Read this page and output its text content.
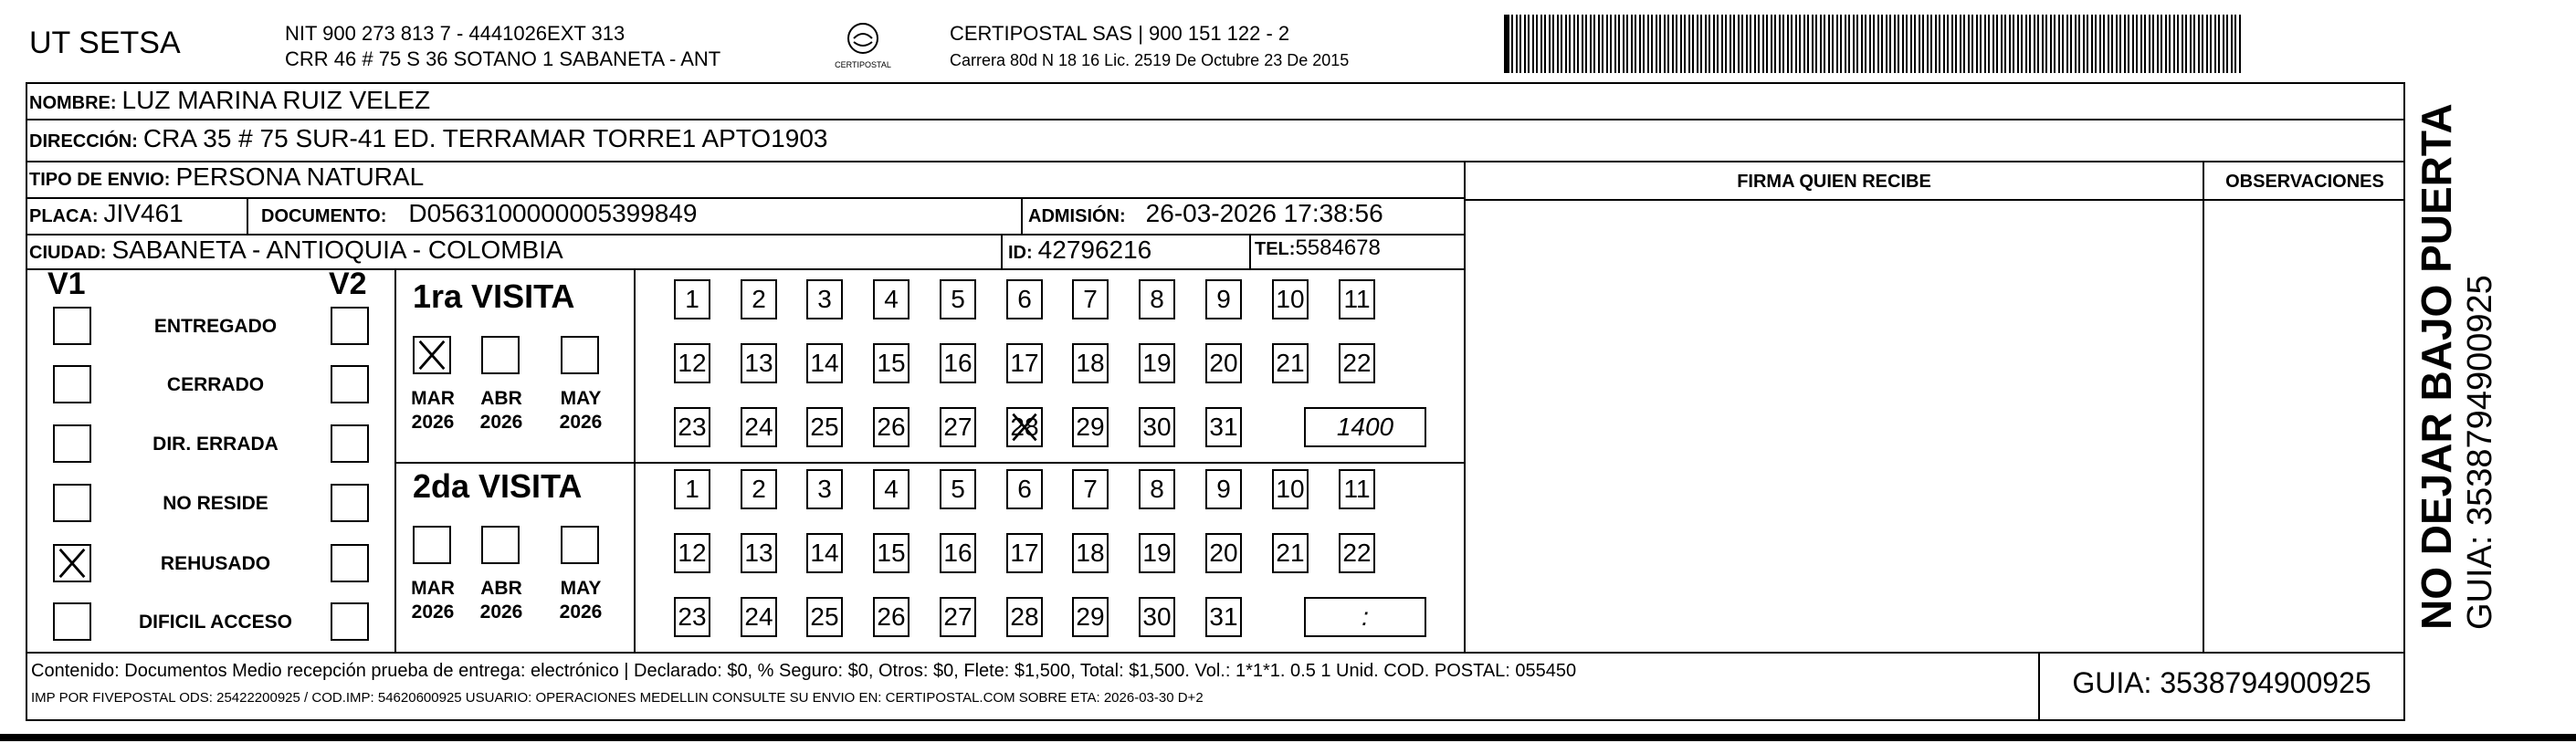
UT SETSA	NIT 900 273 813 7 - 4441026EXT 313
CRR 46 # 75 S 36 SOTANO 1 SABANETA - ANT	CERTIPOSTAL
CERTIPOSTAL SAS | 900 151 122 - 2
Carrera 80d N 18 16 Lic. 2519 De Octubre 23 De 2015
NOMBRE: LUZ MARINA RUIZ VELEZ
DIRECCIÓN: CRA 35 # 75 SUR-41 ED. TERRAMAR TORRE1 APTO1903
TIPO DE ENVIO: PERSONA NATURAL
PLACA: JIV461	DOCUMENTO: D0563100000005399849	ADMISIÓN: 26-03-2026 17:38:56
CIUDAD: SABANETA - ANTIOQUIA - COLOMBIA	ID: 42796216	TEL: 5584678
FIRMA QUIEN RECIBE	OBSERVACIONES
V1	V2
ENTREGADO
CERRADO
DIR. ERRADA
NO RESIDE
REHUSADO
DIFICIL ACCESO
1ra VISITA
2da VISITA
MAR
2026
ABR
2026
MAY
2026
1 2 3 4 5 6 7 8 9 10 11
12 13 14 15 16 17 18 19 20 21 22
23 24 25 26 27 28 29 30 31	1400
MAR
2026
ABR
2026
MAY
2026
1 2 3 4 5 6 7 8 9 10 11
12 13 14 15 16 17 18 19 20 21 22
23 24 25 26 27 28 29 30 31	:
Contenido: Documentos Medio recepción prueba de entrega: electrónico | Declarado: $0, % Seguro: $0, Otros: $0, Flete: $1,500, Total: $1,500. Vol.: 1*1*1. 0.5 1 Unid. COD. POSTAL: 055450
IMP POR FIVEPOSTAL ODS: 25422200925 / COD.IMP: 54620600925 USUARIO: OPERACIONES MEDELLIN CONSULTE SU ENVIO EN: CERTIPOSTAL.COM SOBRE ETA: 2026-03-30 D+2	GUIA: 3538794900925
NO DEJAR BAJO PUERTA GUIA: 3538794900925
